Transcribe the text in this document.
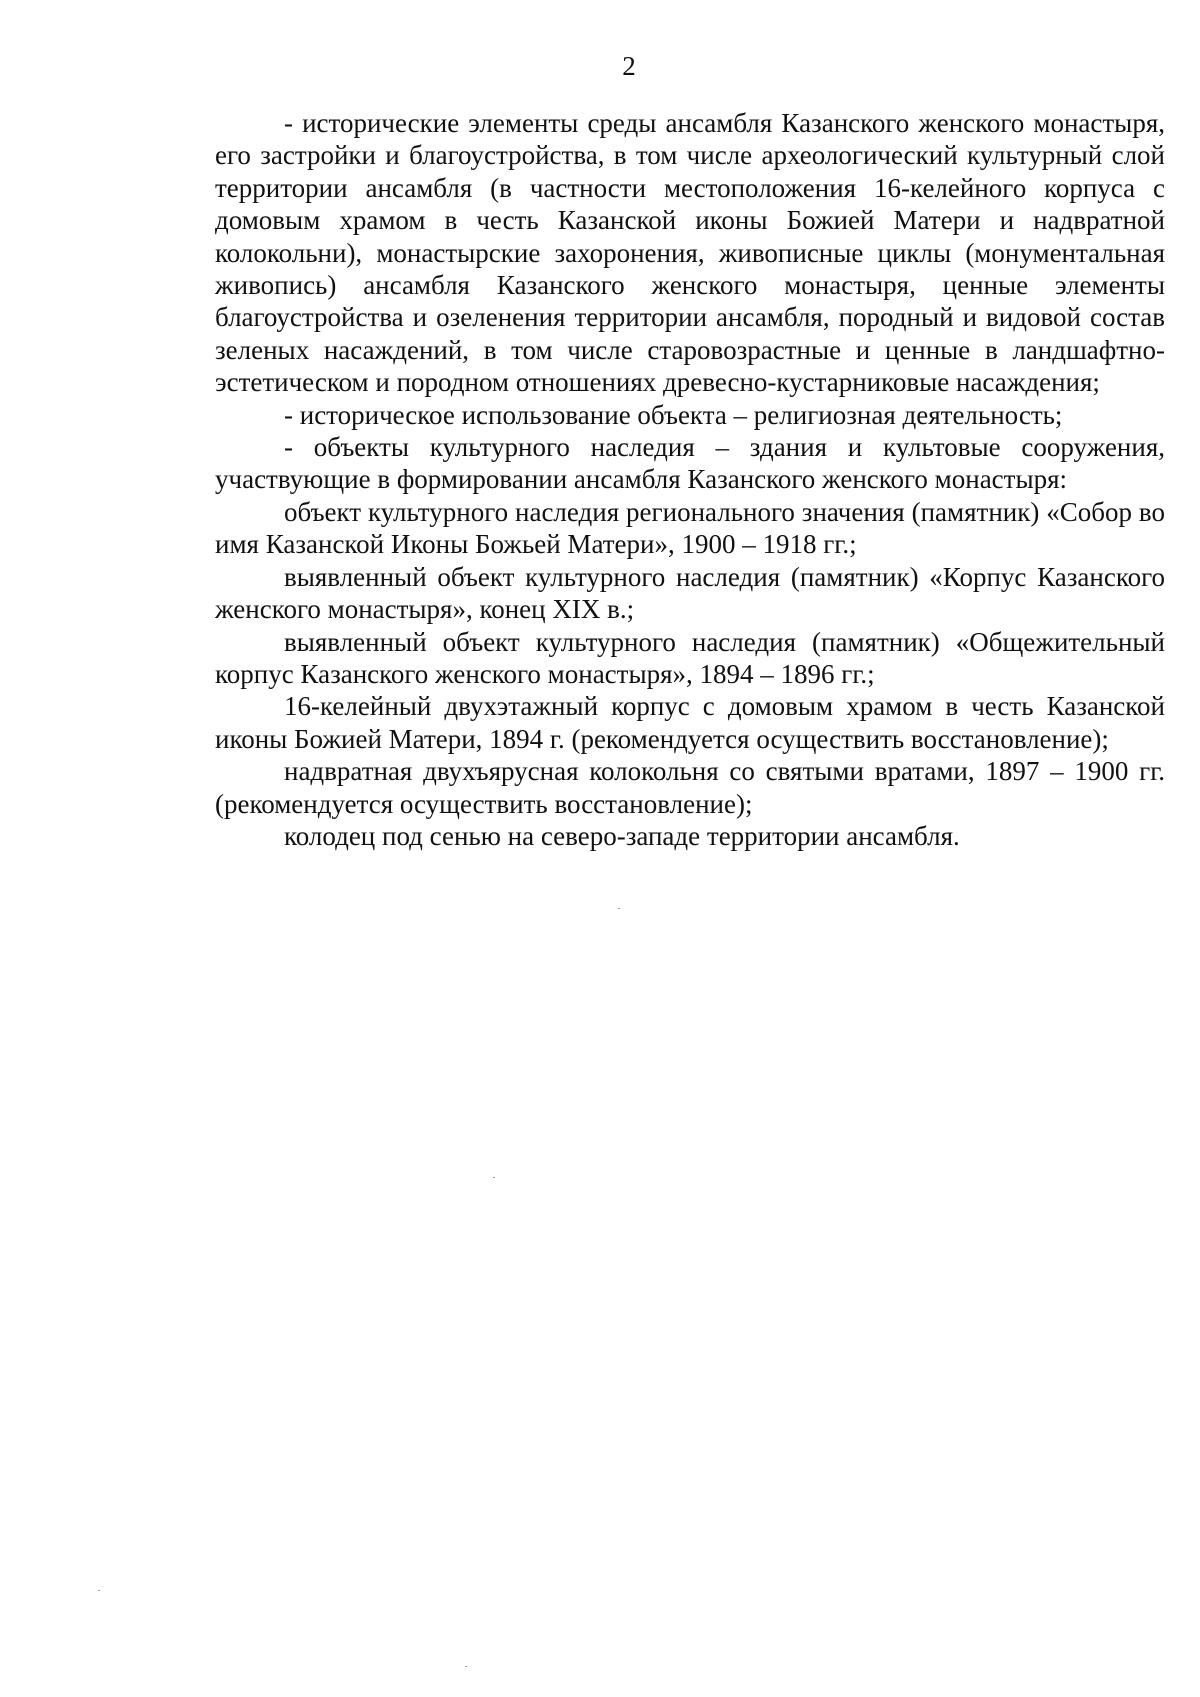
2

- исторические элементы среды ансамбля Казанского женского монастыря, его застройки и благоустройства, в том числе археологический культурный слой территории ансамбля (в частности местоположения 16-келейного корпуса с домовым храмом в честь Казанской иконы Божией Матери и надвратной колокольни), монастырские захоронения, живописные циклы (монументальная живопись) ансамбля Казанского женского монастыря, ценные элементы благоустройства и озеленения территории ансамбля, породный и видовой состав зеленых насаждений, в том числе старовозрастные и ценные в ландшафтно-эстетическом и породном отношениях древесно-кустарниковые насаждения;

- историческое использование объекта – религиозная деятельность;

- объекты культурного наследия – здания и культовые сооружения, участвующие в формировании ансамбля Казанского женского монастыря:

объект культурного наследия регионального значения (памятник) «Собор во имя Казанской Иконы Божьей Матери», 1900 – 1918 гг.;

выявленный объект культурного наследия (памятник) «Корпус Казанского женского монастыря», конец XIX в.;

выявленный объект культурного наследия (памятник) «Общежительный корпус Казанского женского монастыря», 1894 – 1896 гг.;

16-келейный двухэтажный корпус с домовым храмом в честь Казанской иконы Божией Матери, 1894 г. (рекомендуется осуществить восстановление);

надвратная двухъярусная колокольня со святыми вратами, 1897 – 1900 гг. (рекомендуется осуществить восстановление);

колодец под сенью на северо-западе территории ансамбля.
